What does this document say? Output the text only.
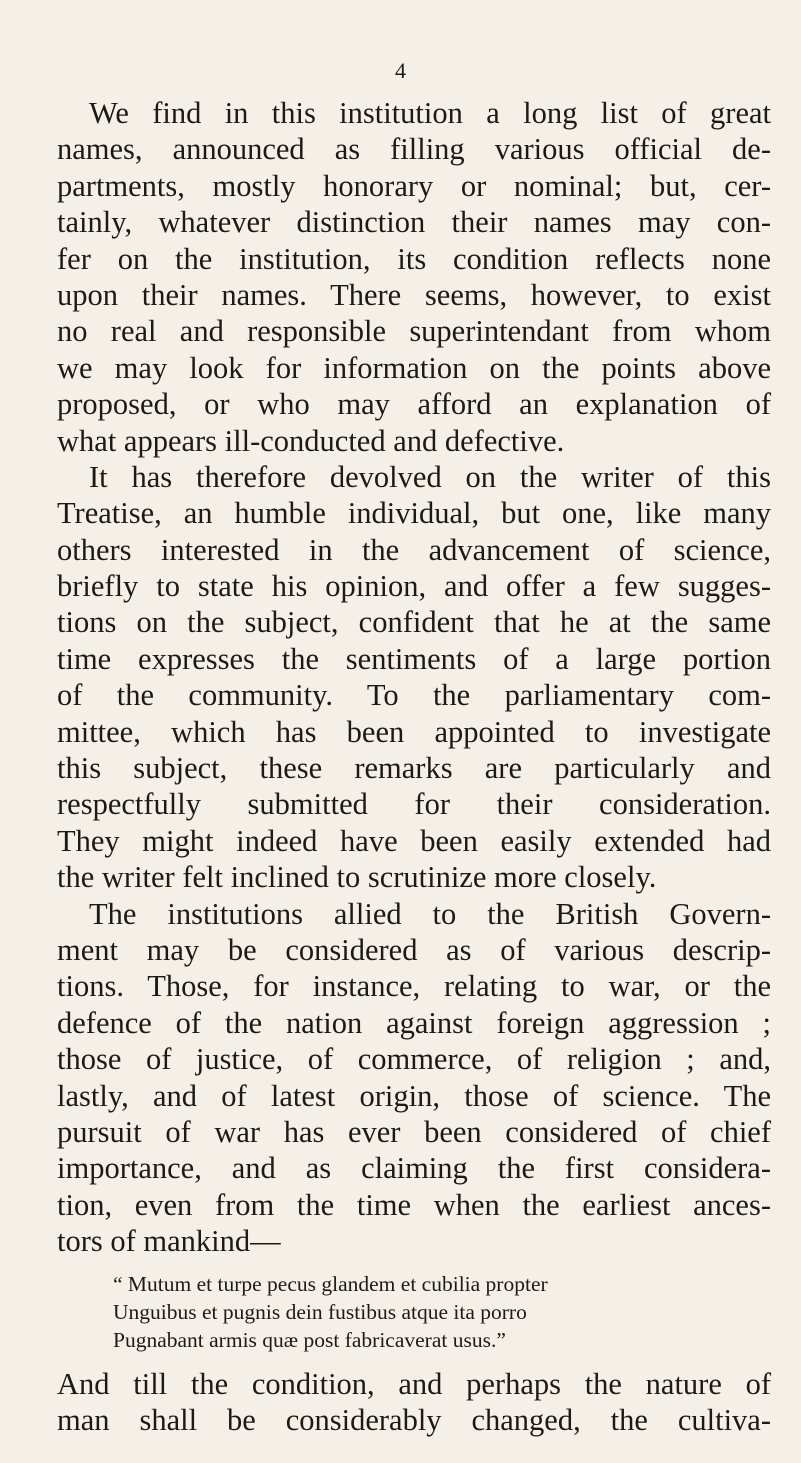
4
We find in this institution a long list of great
names, announced as filling various official de-
partments, mostly honorary or nominal; but, cer-
tainly, whatever distinction their names may con-
fer on the institution, its condition reflects none
upon their names. There seems, however, to exist
no real and responsible superintendant from whom
we may look for information on the points above
proposed, or who may afford an explanation of
what appears ill-conducted and defective.
It has therefore devolved on the writer of this
Treatise, an humble individual, but one, like many
others interested in the advancement of science,
briefly to state his opinion, and offer a few sugges-
tions on the subject, confident that he at the same
time expresses the sentiments of a large portion
of the community. To the parliamentary com-
mittee, which has been appointed to investigate
this subject, these remarks are particularly and
respectfully submitted for their consideration.
They might indeed have been easily extended had
the writer felt inclined to scrutinize more closely.
The institutions allied to the British Govern-
ment may be considered as of various descrip-
tions. Those, for instance, relating to war, or the
defence of the nation against foreign aggression ;
those of justice, of commerce, of religion ; and,
lastly, and of latest origin, those of science. The
pursuit of war has ever been considered of chief
importance, and as claiming the first considera-
tion, even from the time when the earliest ances-
tors of mankind—
“ Mutum et turpe pecus glandem et cubilia propter
Unguibus et pugnis dein fustibus atque ita porro
Pugnabant armis quæ post fabricaverat usus.”
And till the condition, and perhaps the nature of
man shall be considerably changed, the cultiva-
